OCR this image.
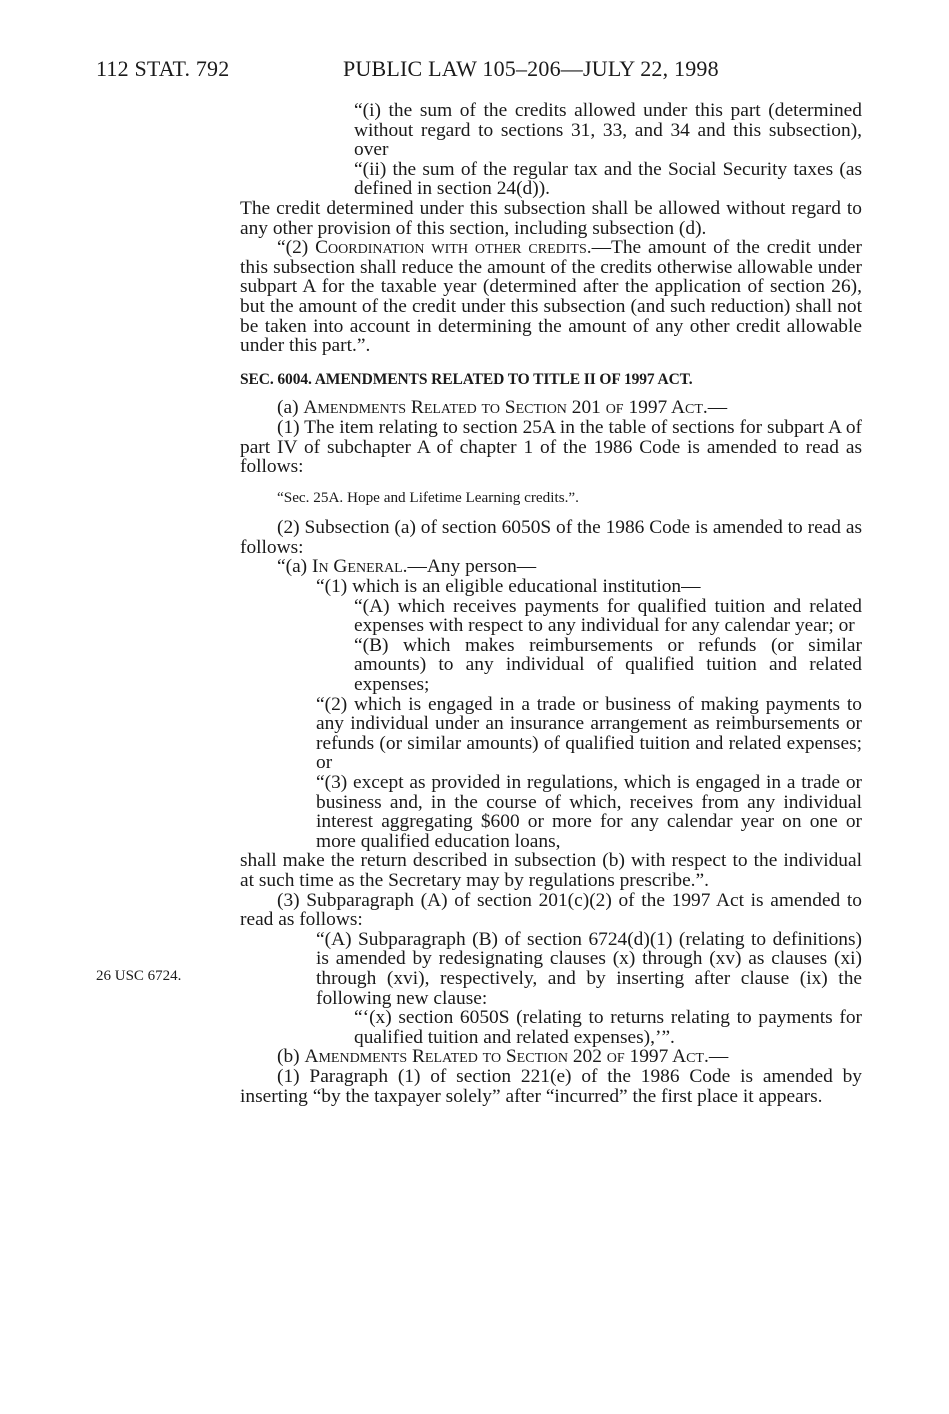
112 STAT. 792	PUBLIC LAW 105–206—JULY 22, 1998
26 USC 6724.

“(i) the sum of the credits allowed under this part (determined without regard to sections 31, 33, and 34 and this subsection), over

“(ii) the sum of the regular tax and the Social Security taxes (as defined in section 24(d)).

The credit determined under this subsection shall be allowed without regard to any other provision of this section, including subsection (d).

“(2) Coordination with other credits.—The amount of the credit under this subsection shall reduce the amount of the credits otherwise allowable under subpart A for the taxable year (determined after the application of section 26), but the amount of the credit under this subsection (and such reduction) shall not be taken into account in determining the amount of any other credit allowable under this part.”.

SEC. 6004. AMENDMENTS RELATED TO TITLE II OF 1997 ACT.

(a) Amendments Related to Section 201 of 1997 Act.—

(1) The item relating to section 25A in the table of sections for subpart A of part IV of subchapter A of chapter 1 of the 1986 Code is amended to read as follows:

“Sec. 25A. Hope and Lifetime Learning credits.”.

(2) Subsection (a) of section 6050S of the 1986 Code is amended to read as follows:

“(a) In General.—Any person—

“(1) which is an eligible educational institution—

“(A) which receives payments for qualified tuition and related expenses with respect to any individual for any calendar year; or

“(B) which makes reimbursements or refunds (or similar amounts) to any individual of qualified tuition and related expenses;

“(2) which is engaged in a trade or business of making payments to any individual under an insurance arrangement as reimbursements or refunds (or similar amounts) of qualified tuition and related expenses; or

“(3) except as provided in regulations, which is engaged in a trade or business and, in the course of which, receives from any individual interest aggregating $600 or more for any calendar year on one or more qualified education loans,

shall make the return described in subsection (b) with respect to the individual at such time as the Secretary may by regulations prescribe.”.

(3) Subparagraph (A) of section 201(c)(2) of the 1997 Act is amended to read as follows:

“(A) Subparagraph (B) of section 6724(d)(1) (relating to definitions) is amended by redesignating clauses (x) through (xv) as clauses (xi) through (xvi), respectively, and by inserting after clause (ix) the following new clause:

“‘(x) section 6050S (relating to returns relating to payments for qualified tuition and related expenses),’”.

(b) Amendments Related to Section 202 of 1997 Act.—

(1) Paragraph (1) of section 221(e) of the 1986 Code is amended by inserting “by the taxpayer solely” after “incurred” the first place it appears.
